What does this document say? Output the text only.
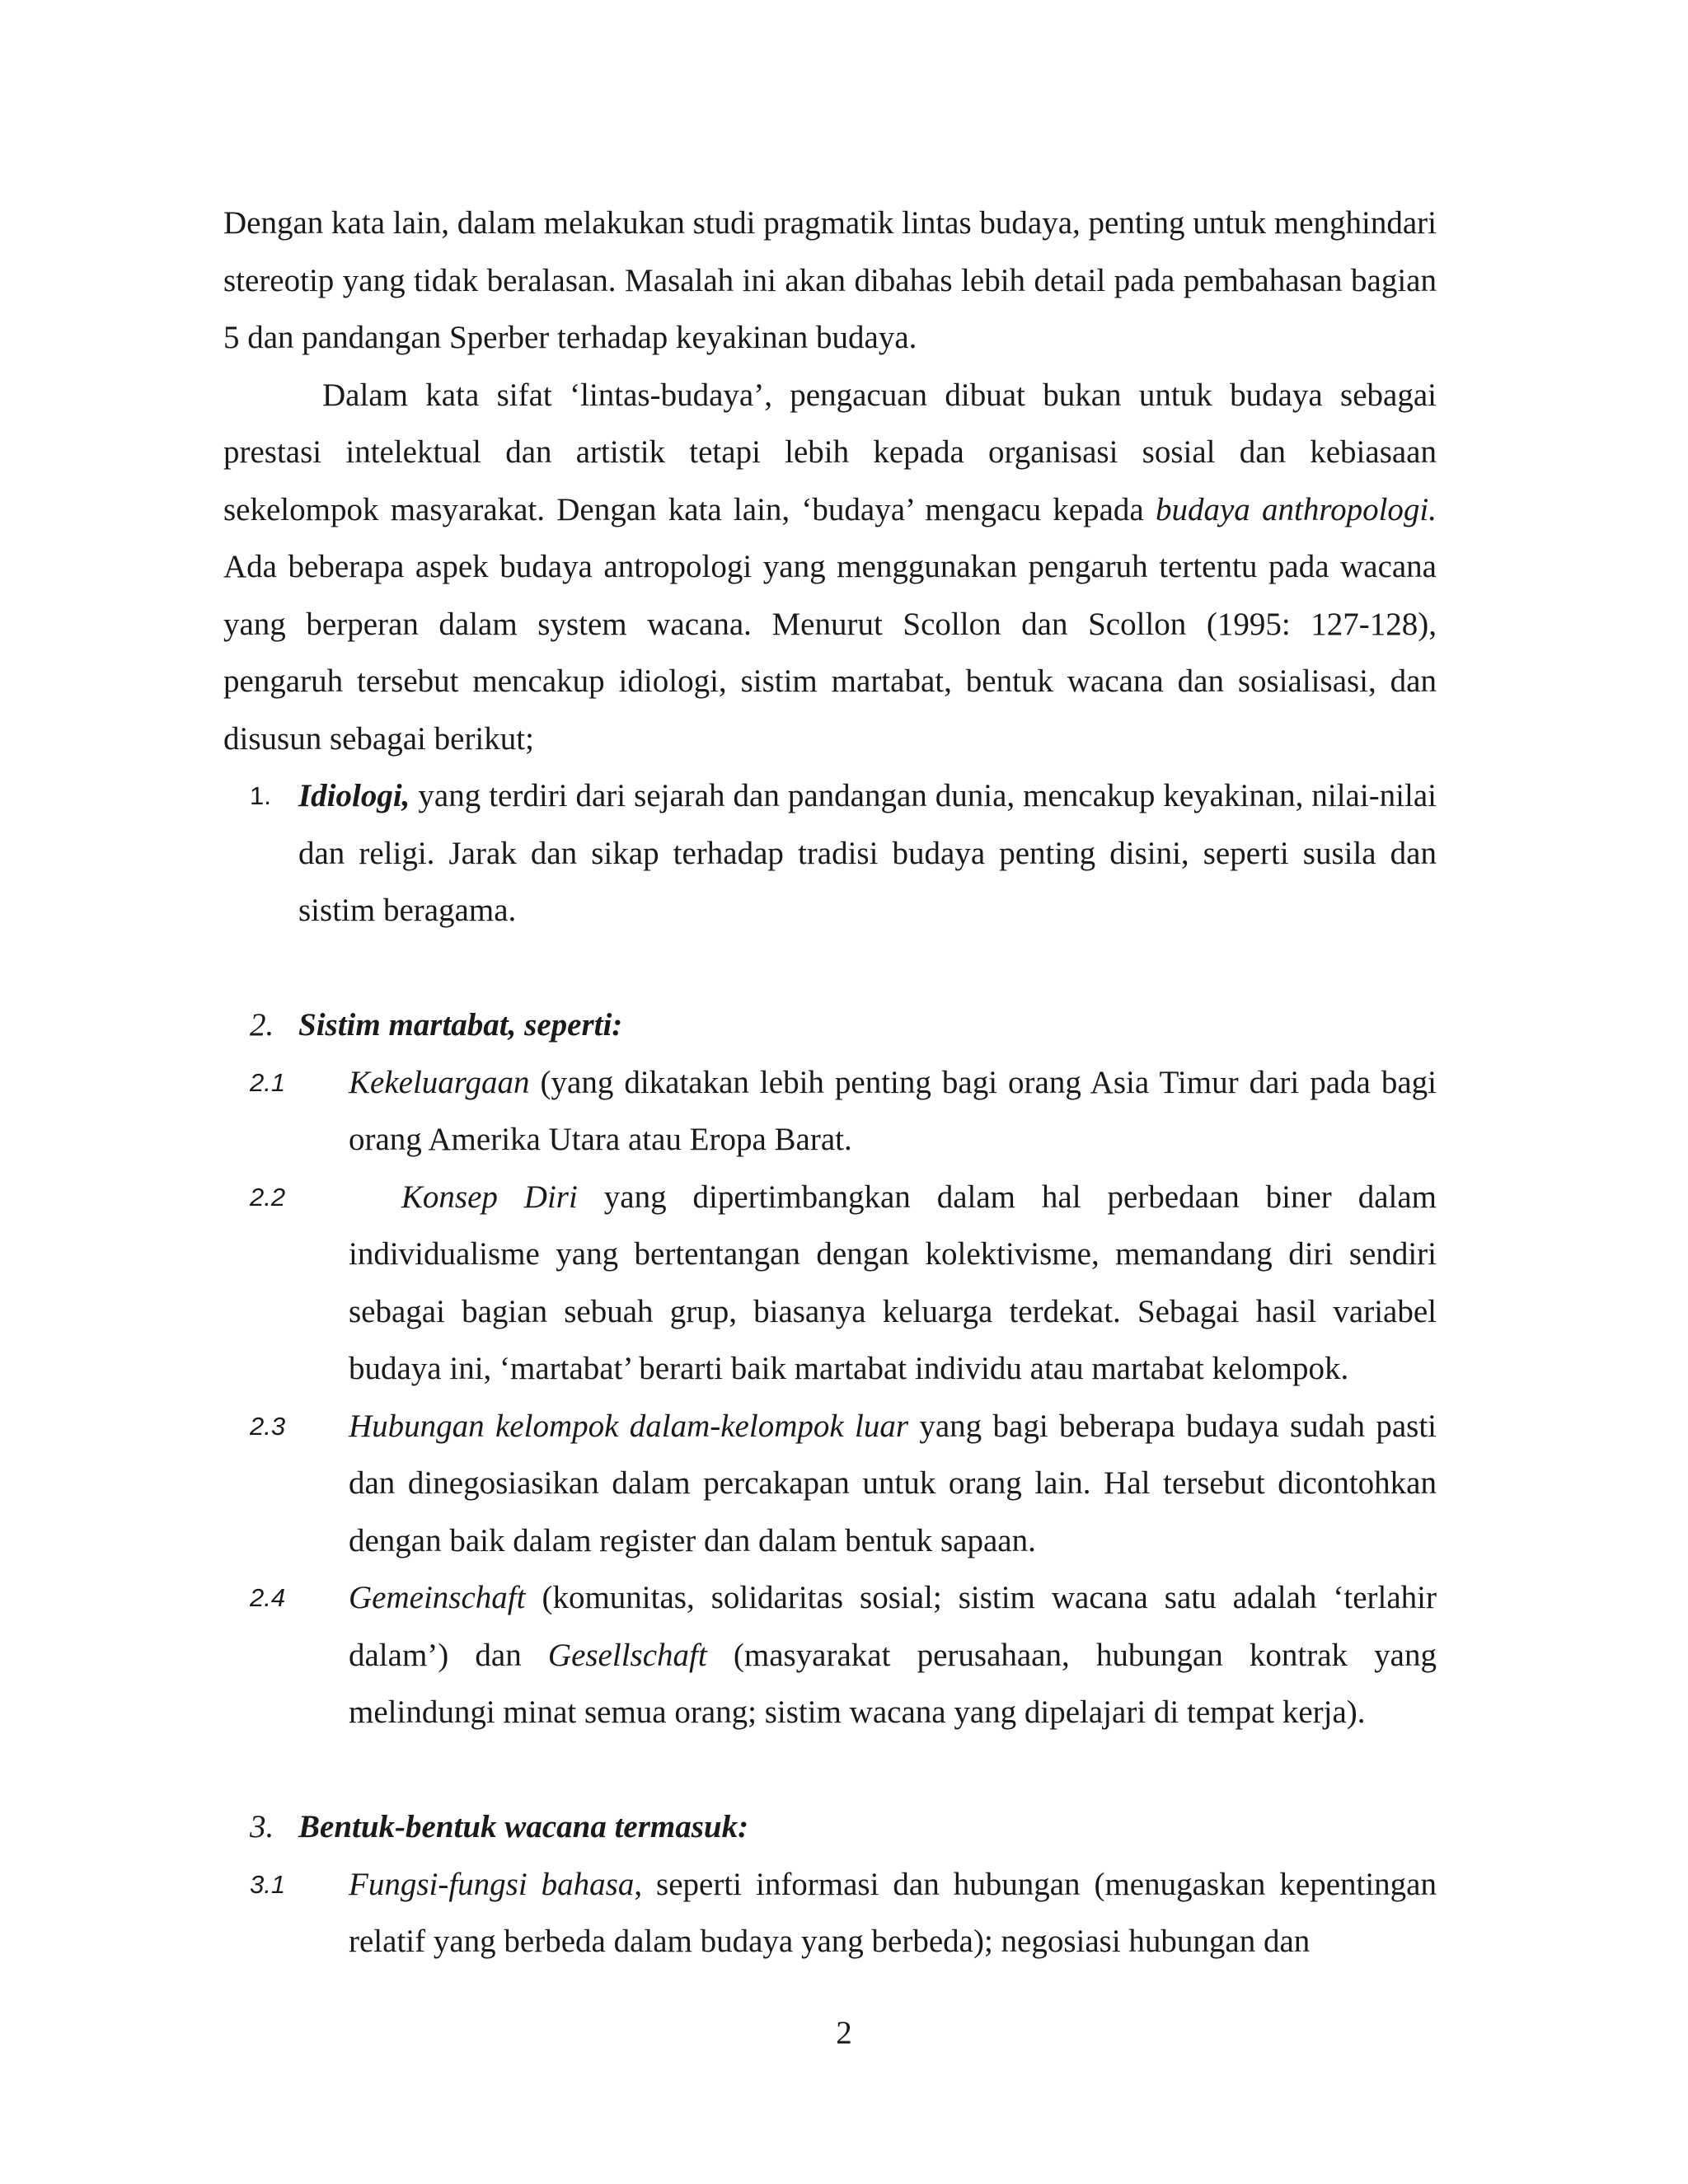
Dengan kata lain, dalam melakukan studi pragmatik lintas budaya, penting untuk menghindari stereotip yang tidak beralasan. Masalah ini akan dibahas lebih detail pada pembahasan bagian 5 dan pandangan Sperber terhadap keyakinan budaya.

Dalam kata sifat ‘lintas-budaya’, pengacuan dibuat bukan untuk budaya sebagai prestasi intelektual dan artistik tetapi lebih kepada organisasi sosial dan kebiasaan sekelompok masyarakat. Dengan kata lain, ‘budaya’ mengacu kepada budaya anthropologi. Ada beberapa aspek budaya antropologi yang menggunakan pengaruh tertentu pada wacana yang berperan dalam system wacana. Menurut Scollon dan Scollon (1995: 127-128), pengaruh tersebut mencakup idiologi, sistim martabat, bentuk wacana dan sosialisasi, dan disusun sebagai berikut;

1. Idiologi, yang terdiri dari sejarah dan pandangan dunia, mencakup keyakinan, nilai-nilai dan religi. Jarak dan sikap terhadap tradisi budaya penting disini, seperti susila dan sistim beragama.
2. Sistim martabat, seperti:
2.1 Kekeluargaan (yang dikatakan lebih penting bagi orang Asia Timur dari pada bagi orang Amerika Utara atau Eropa Barat.
2.2	Konsep Diri yang dipertimbangkan dalam hal perbedaan biner dalam individualisme yang bertentangan dengan kolektivisme, memandang diri sendiri sebagai bagian sebuah grup, biasanya keluarga terdekat. Sebagai hasil variabel budaya ini, ‘martabat’ berarti baik martabat individu atau martabat kelompok.
2.3 Hubungan kelompok dalam-kelompok luar yang bagi beberapa budaya sudah pasti dan dinegosiasikan dalam percakapan untuk orang lain. Hal tersebut dicontohkan dengan baik dalam register dan dalam bentuk sapaan.
2.4 Gemeinschaft (komunitas, solidaritas sosial; sistim wacana satu adalah ‘terlahir dalam’) dan Gesellschaft (masyarakat perusahaan, hubungan kontrak yang melindungi minat semua orang; sistim wacana yang dipelajari di tempat kerja).
3. Bentuk-bentuk wacana termasuk:
3.1 Fungsi-fungsi bahasa, seperti informasi dan hubungan (menugaskan kepentingan relatif yang berbeda dalam budaya yang berbeda); negosiasi hubungan dan
2
